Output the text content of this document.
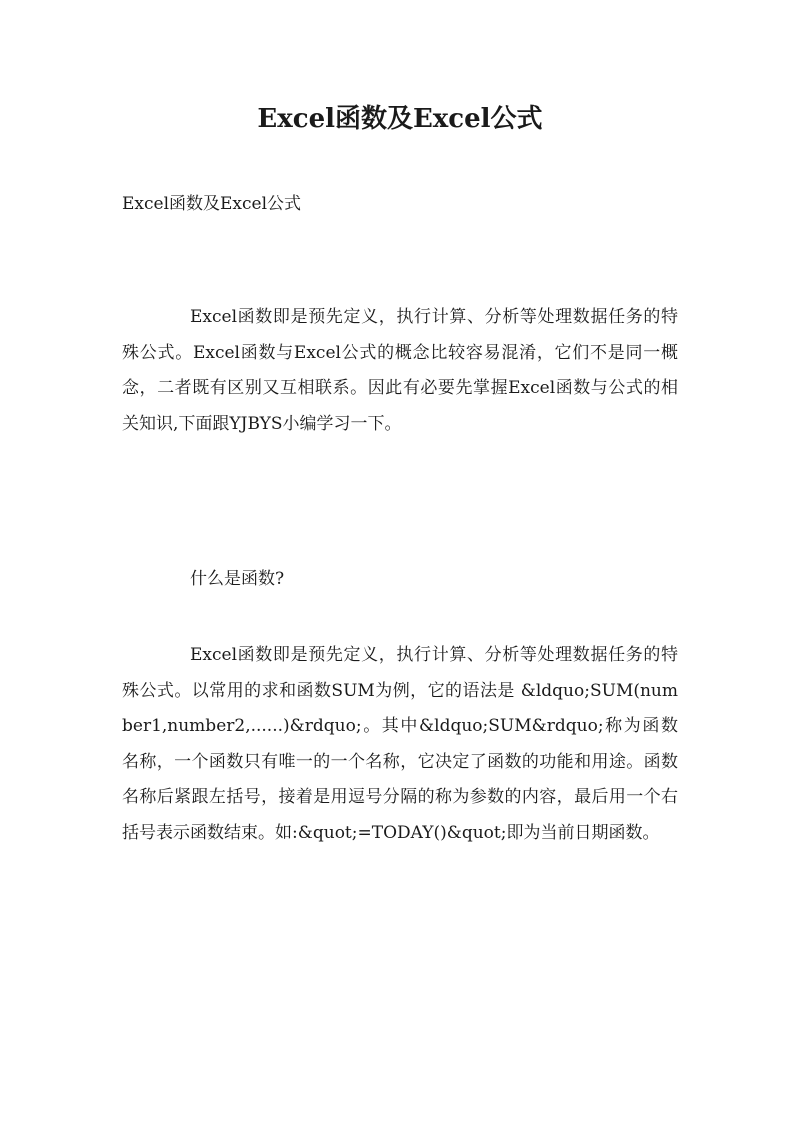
Excel函数及Excel公式

Excel函数及Excel公式

Excel函数即是预先定义，执行计算、分析等处理数据任务的特殊公式。Excel函数与Excel公式的概念比较容易混淆，它们不是同一概念，二者既有区别又互相联系。因此有必要先掌握Excel函数与公式的相关知识,下面跟YJBYS小编学习一下。

什么是函数?

Excel函数即是预先定义，执行计算、分析等处理数据任务的特殊公式。以常用的求和函数SUM为例，它的语法是 &ldquo;SUM(number1,number2,......)&rdquo;。其中&ldquo;SUM&rdquo;称为函数名称，一个函数只有唯一的一个名称，它决定了函数的功能和用途。函数名称后紧跟左括号，接着是用逗号分隔的称为参数的内容，最后用一个右括号表示函数结束。如:&quot;=TODAY()&quot;即为当前日期函数。
